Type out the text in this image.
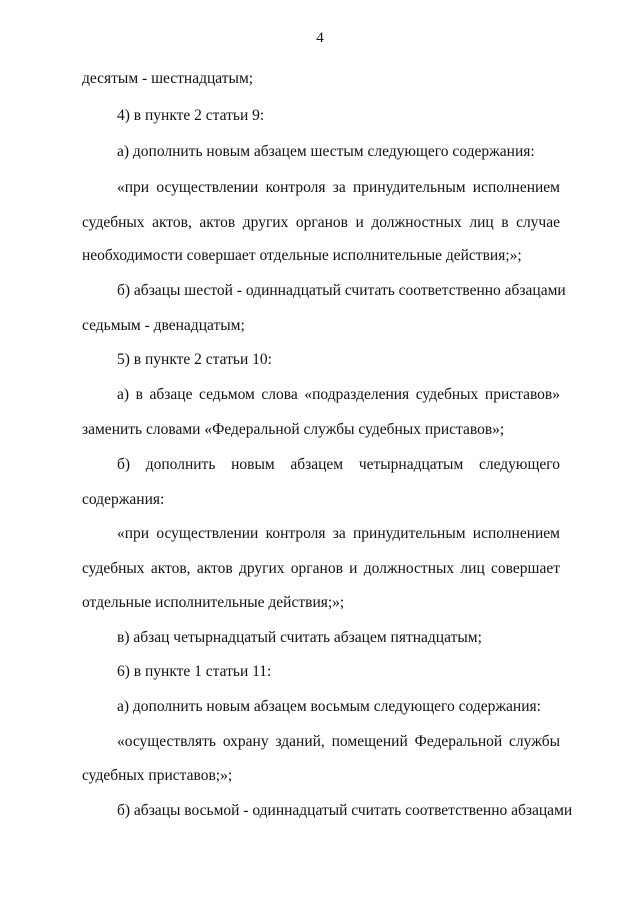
4
десятым - шестнадцатым;
4) в пункте 2 статьи 9:
а) дополнить новым абзацем шестым следующего содержания:
«при осуществлении контроля за принудительным исполнением
судебных актов, актов других органов и должностных лиц в случае
необходимости совершает отдельные исполнительные действия;»;
б) абзацы шестой - одиннадцатый считать соответственно абзацами
седьмым - двенадцатым;
5) в пункте 2 статьи 10:
а) в абзаце седьмом слова «подразделения судебных приставов»
заменить словами «Федеральной службы судебных приставов»;
б) дополнить новым абзацем четырнадцатым следующего
содержания:
«при осуществлении контроля за принудительным исполнением
судебных актов, актов других органов и должностных лиц совершает
отдельные исполнительные действия;»;
в) абзац четырнадцатый считать абзацем пятнадцатым;
6) в пункте 1 статьи 11:
а) дополнить новым абзацем восьмым следующего содержания:
«осуществлять охрану зданий, помещений Федеральной службы
судебных приставов;»;
б) абзацы восьмой - одиннадцатый считать соответственно абзацами
